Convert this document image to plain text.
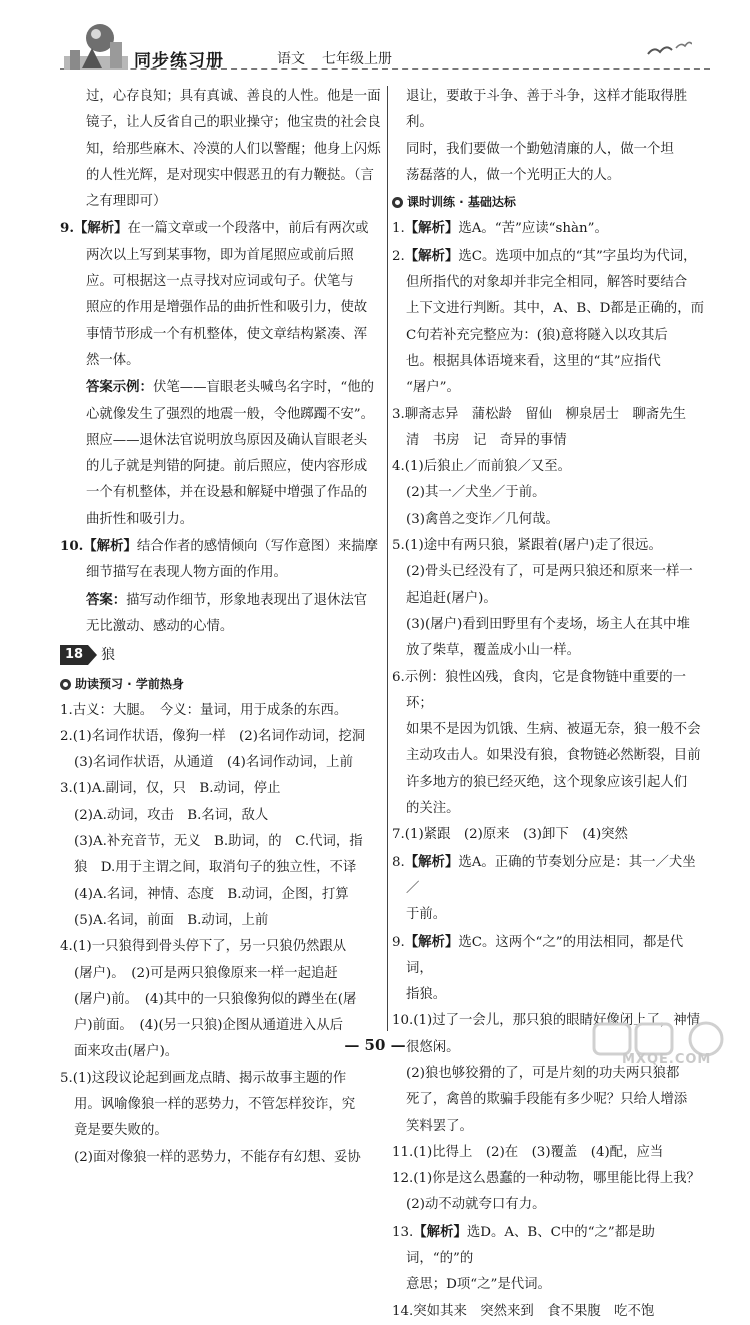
同步练习册	语文 七年级上册

过，心存良知；具有真诚、善良的人性。他是一面

镜子，让人反省自己的职业操守；他宝贵的社会良

知，给那些麻木、冷漠的人们以警醒；他身上闪烁

的人性光辉，是对现实中假恶丑的有力鞭挞。（言

之有理即可）

9.【解析】在一篇文章或一个段落中，前后有两次或

两次以上写到某事物，即为首尾照应或前后照

应。可根据这一点寻找对应词或句子。伏笔与

照应的作用是增强作品的曲折性和吸引力，使故

事情节形成一个有机整体，使文章结构紧凑、浑

然一体。

答案示例：伏笔——盲眼老头喊鸟名字时，“他的

心就像发生了强烈的地震一般，令他踯躅不安”。

照应——退休法官说明放鸟原因及确认盲眼老头

的儿子就是判错的阿捷。前后照应，使内容形成

一个有机整体，并在设悬和解疑中增强了作品的

曲折性和吸引力。

10.【解析】结合作者的感情倾向（写作意图）来揣摩

细节描写在表现人物方面的作用。

答案：描写动作细节，形象地表现出了退休法官

无比激动、感动的心情。

18	狼
助读预习 · 学前热身

1.古义：大腿。　今义：量词，用于成条的东西。

2.(1)名词作状语，像狗一样　(2)名词作动词，挖洞

(3)名词作状语，从通道　(4)名词作动词，上前

3.(1)A.副词，仅，只　B.动词，停止

(2)A.动词，攻击　B.名词，敌人

(3)A.补充音节，无义　B.助词，的　C.代词，指

狼　D.用于主谓之间，取消句子的独立性，不译

(4)A.名词，神情、态度　B.动词，企图，打算

(5)A.名词，前面　B.动词，上前

4.(1)一只狼得到骨头停下了，另一只狼仍然跟从

(屠户)。　(2)可是两只狼像原来一样一起追赶

(屠户)前。　(4)其中的一只狼像狗似的蹲坐在(屠

户)前面。　(4)(另一只狼)企图从通道进入从后

面来攻击(屠户)。

5.(1)这段议论起到画龙点睛、揭示故事主题的作

用。讽喻像狼一样的恶势力，不管怎样狡诈，究

竟是要失败的。

(2)面对像狼一样的恶势力，不能存有幻想、妥协

退让，要敢于斗争、善于斗争，这样才能取得胜利。

同时，我们要做一个勤勉清廉的人，做一个坦

荡磊落的人，做一个光明正大的人。

课时训练 · 基础达标

1.【解析】选A。“苦”应读“shàn”。

2.【解析】选C。选项中加点的“其”字虽均为代词，

但所指代的对象却并非完全相同，解答时要结合

上下文进行判断。其中，A、B、D都是正确的，而

C句若补充完整应为：(狼)意将隧入以攻其后

也。根据具体语境来看，这里的“其”应指代

“屠户”。

3.聊斋志异　蒲松龄　留仙　柳泉居士　聊斋先生

清　书房　记　奇异的事情

4.(1)后狼止／而前狼／又至。

(2)其一／犬坐／于前。

(3)禽兽之变诈／几何哉。

5.(1)途中有两只狼，紧跟着(屠户)走了很远。

(2)骨头已经没有了，可是两只狼还和原来一样一

起追赶(屠户)。

(3)(屠户)看到田野里有个麦场，场主人在其中堆

放了柴草，覆盖成小山一样。

6.示例：狼性凶残，食肉，它是食物链中重要的一环；

如果不是因为饥饿、生病、被逼无奈，狼一般不会

主动攻击人。如果没有狼，食物链必然断裂，目前

许多地方的狼已经灭绝，这个现象应该引起人们

的关注。

7.(1)紧跟　(2)原来　(3)卸下　(4)突然

8.【解析】选A。正确的节奏划分应是：其一／犬坐／

于前。

9.【解析】选C。这两个“之”的用法相同，都是代词，

指狼。

10.(1)过了一会儿，那只狼的眼睛好像闭上了，神情

很悠闲。

(2)狼也够狡猾的了，可是片刻的功夫两只狼都

死了，禽兽的欺骗手段能有多少呢？只给人增添

笑料罢了。

11.(1)比得上　(2)在　(3)覆盖　(4)配，应当

12.(1)你是这么愚蠢的一种动物，哪里能比得上我？

(2)动不动就夸口有力。

13.【解析】选D。A、B、C中的“之”都是助词，“的”的

意思；D项“之”是代词。

14.突如其来　突然来到　食不果腹　吃不饱

— 50 —
MXQE.COM
